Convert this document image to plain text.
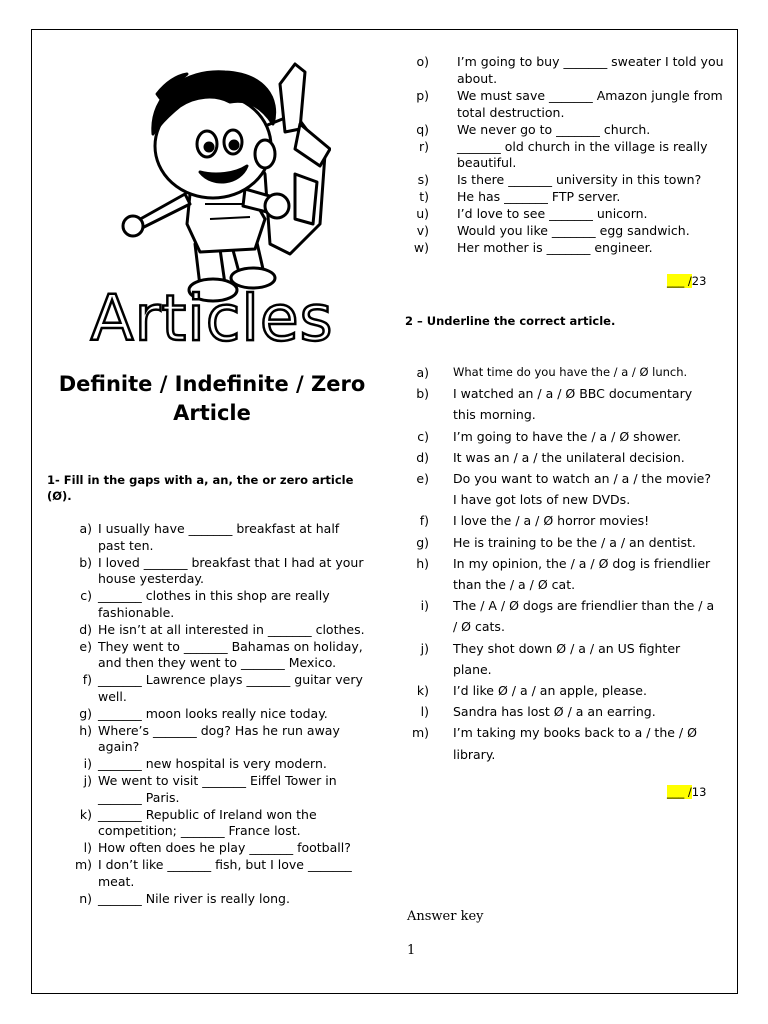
Articles
Definite / Indefinite / Zero Article
1- Fill in the gaps with a, an, the or zero article (Ø).
a) I usually have _______ breakfast at half past ten.
b) I loved _______ breakfast that I had at your house yesterday.
c) _______ clothes in this shop are really fashionable.
d) He isn’t at all interested in _______ clothes.
e) They went to _______ Bahamas on holiday, and then they went to _______ Mexico.
f) _______ Lawrence plays _______ guitar very well.
g) _______ moon looks really nice today.
h) Where’s _______ dog? Has he run away again?
i) _______ new hospital is very modern.
j) We went to visit _______ Eiffel Tower in _______ Paris.
k) _______ Republic of Ireland won the competition; _______ France lost.
l) How often does he play _______ football?
m) I don’t like _______ fish, but I love _______ meat.
n) _______ Nile river is really long.
o)	I’m going to buy _______ sweater I told you about.
p)	We must save _______ Amazon jungle from total destruction.
q)	We never go to _______ church.
r)	_______ old church in the village is really beautiful.
s)	Is there _______ university in this town?
t)	He has _______ FTP server.
u)	I’d love to see _______ unicorn.
v)	Would you like _______ egg sandwich.
w)	Her mother is _______ engineer.
___ /23
2 – Underline the correct article.
a)	What time do you have the / a / Ø lunch.
b)	I watched an / a / Ø BBC documentary
this morning.
c)	I’m going to have the / a / Ø shower.
d)	It was an / a / the unilateral decision.
e)	Do you want to watch an / a / the movie?
I have got lots of new DVDs.
f)	I love the / a / Ø horror movies!
g)	He is training to be the / a / an dentist.
h)	In my opinion, the / a / Ø dog is friendlier
than the / a / Ø cat.
i)	The / A / Ø dogs are friendlier than the / a
/ Ø cats.
j)	They shot down Ø / a / an US fighter
plane.
k)	I’d like Ø / a / an apple, please.
l)	Sandra has lost Ø / a an earring.
m)	I’m taking my books back to a / the / Ø
library.
___ /13
Answer key
1
